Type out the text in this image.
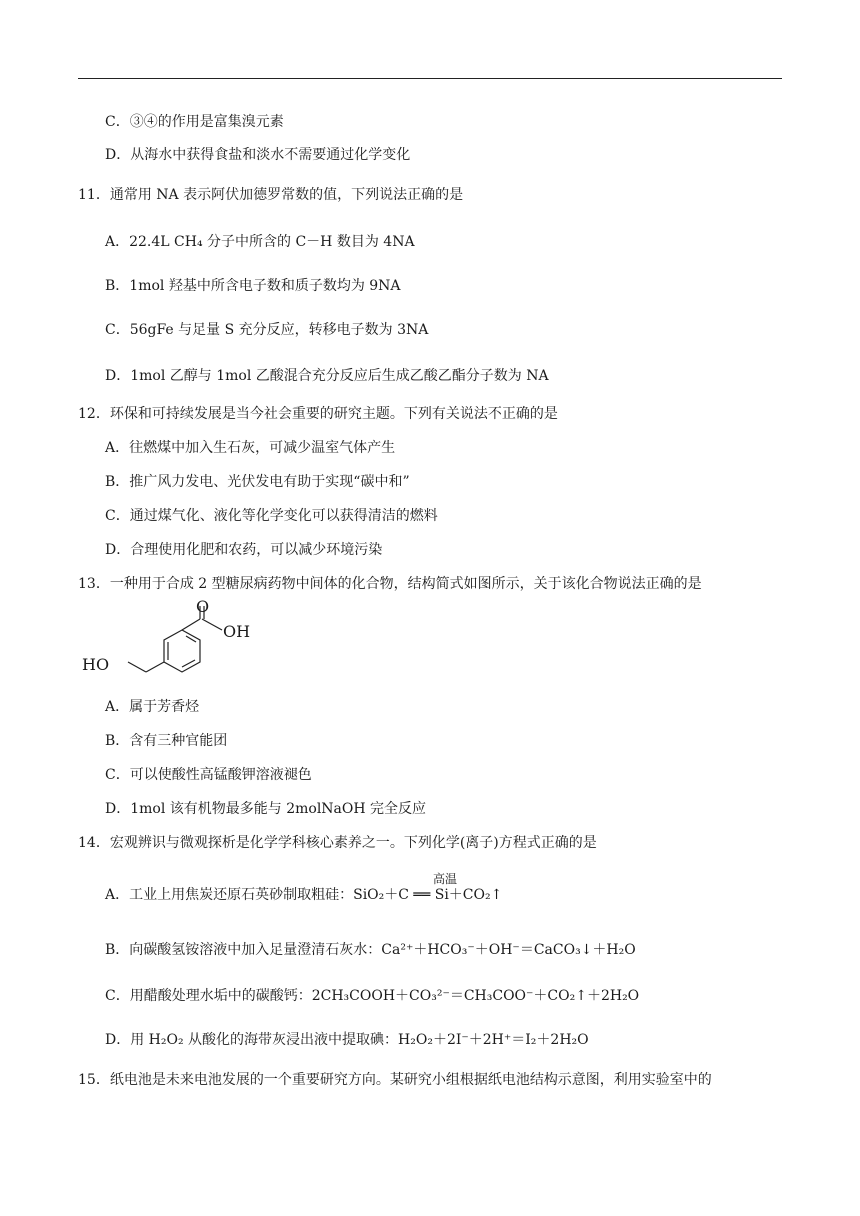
C．③④的作用是富集溴元素
D．从海水中获得食盐和淡水不需要通过化学变化
11．通常用 NA 表示阿伏加德罗常数的值，下列说法正确的是
A．22.4L CH₄ 分子中所含的 C－H 数目为 4NA
B．1mol 羟基中所含电子数和质子数均为 9NA
C．56gFe 与足量 S 充分反应，转移电子数为 3NA
D．1mol 乙醇与 1mol 乙酸混合充分反应后生成乙酸乙酯分子数为 NA
12．环保和可持续发展是当今社会重要的研究主题。下列有关说法不正确的是
A．往燃煤中加入生石灰，可减少温室气体产生
B．推广风力发电、光伏发电有助于实现“碳中和”
C．通过煤气化、液化等化学变化可以获得清洁的燃料
D．合理使用化肥和农药，可以减少环境污染
13．一种用于合成 2 型糖尿病药物中间体的化合物，结构简式如图所示，关于该化合物说法正确的是
O
OH
HO
A．属于芳香烃
B．含有三种官能团
C．可以使酸性高锰酸钾溶液褪色
D．1mol 该有机物最多能与 2molNaOH 完全反应
14．宏观辨识与微观探析是化学学科核心素养之一。下列化学(离子)方程式正确的是
高温
A．工业上用焦炭还原石英砂制取粗硅：SiO₂＋C ══ Si＋CO₂↑
B．向碳酸氢铵溶液中加入足量澄清石灰水：Ca²⁺＋HCO₃⁻＋OH⁻＝CaCO₃↓＋H₂O
C．用醋酸处理水垢中的碳酸钙：2CH₃COOH＋CO₃²⁻＝CH₃COO⁻＋CO₂↑＋2H₂O
D．用 H₂O₂ 从酸化的海带灰浸出液中提取碘：H₂O₂＋2I⁻＋2H⁺＝I₂＋2H₂O
15．纸电池是未来电池发展的一个重要研究方向。某研究小组根据纸电池结构示意图，利用实验室中的
